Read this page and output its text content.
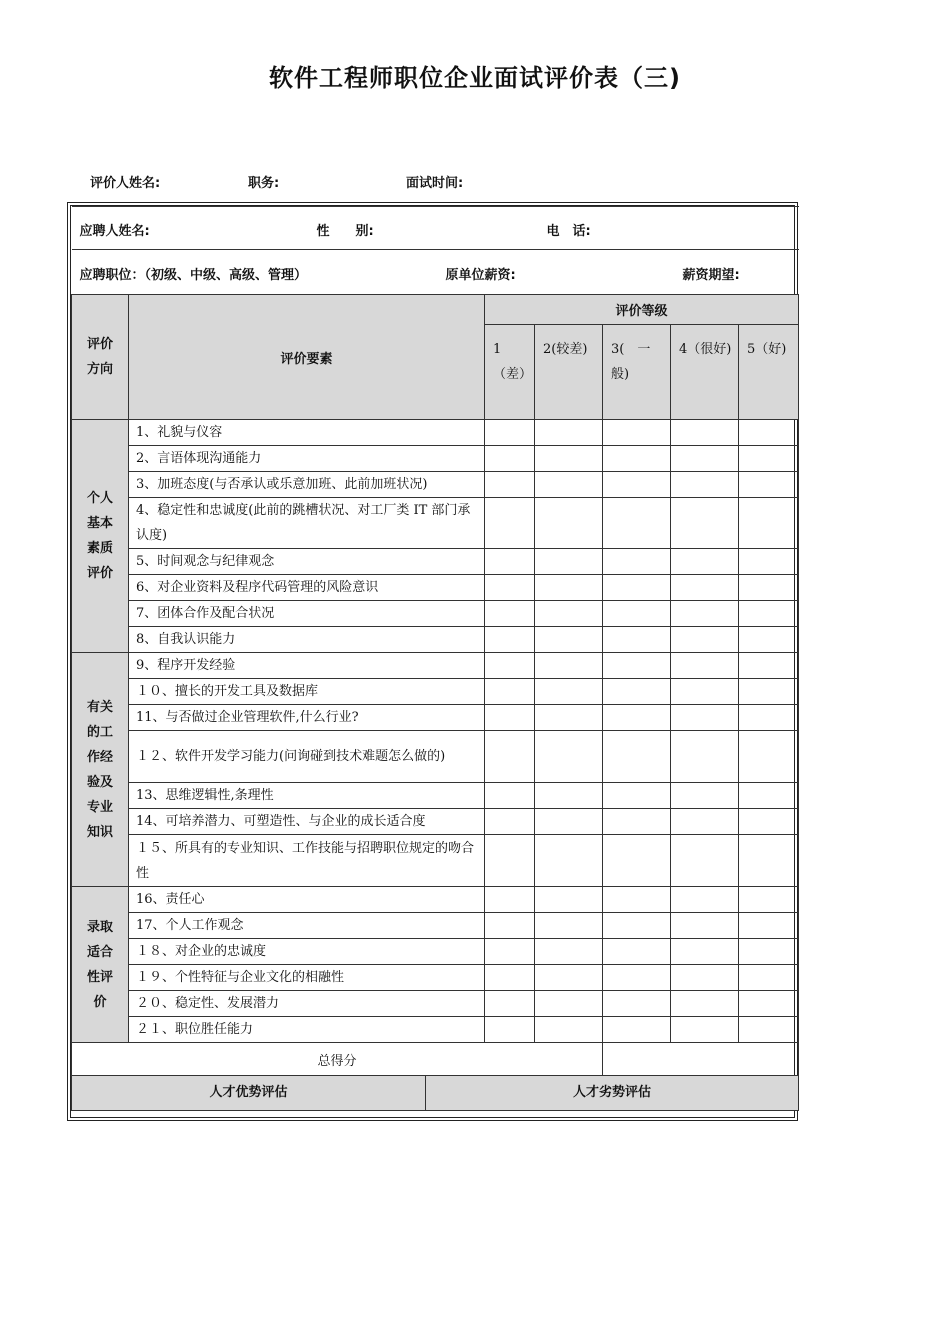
软件工程师职位企业面试评价表（三)
评价人姓名:	职务:	面试时间:
应聘人姓名: 性　　别: 电　话:						

应聘职位：（初级、中级、高级、管理） 原单位薪资: 薪资期望:						

评价方向	评价要素	评价等级				
		1（差）	2(较差)	3(　一般)	4（很好)	5（好)

个人基本素质评价	1、礼貌与仪容					
	2、言语体现沟通能力					
	3、加班态度(与否承认或乐意加班、此前加班状况)					
	4、稳定性和忠诚度(此前的跳槽状况、对工厂类 IT 部门承认度)					
	5、时间观念与纪律观念					
	6、对企业资料及程序代码管理的风险意识					
	7、团体合作及配合状况					
	8、自我认识能力					

有关的工作经验及专业知识	9、程序开发经验					
	１０、擅长的开发工具及数据库					
	11、与否做过企业管理软件,什么行业?					
	１２、软件开发学习能力(问询碰到技术难题怎么做的)					
	13、思维逻辑性,条理性					
	14、可培养潜力、可塑造性、与企业的成长适合度					
	１５、所具有的专业知识、工作技能与招聘职位规定的吻合性					

录取适合性评价	16、责任心					
	17、个人工作观念					
	１８、对企业的忠诚度					
	１９、个性特征与企业文化的相融性					
	２０、稳定性、发展潜力					
	２１、职位胜任能力					
总得分						

人才优势评估 人才劣势评估						
